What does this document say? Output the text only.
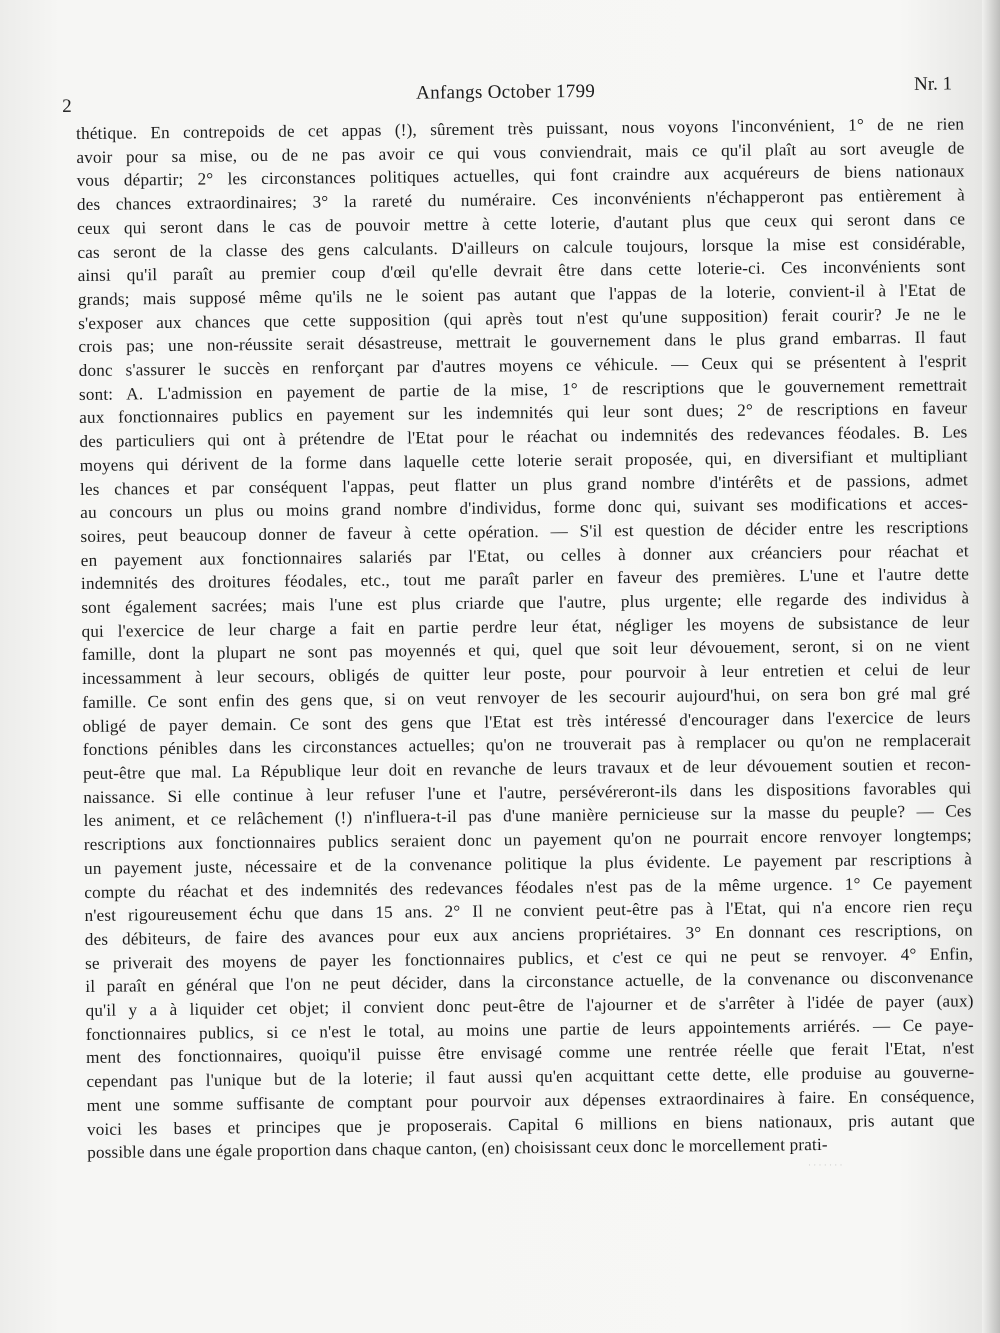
2
Anfangs October 1799	Nr. 1
thétique. En contrepoids de cet appas (!), sûrement très puissant, nous voyons l'inconvénient, 1° de ne rien
avoir pour sa mise, ou de ne pas avoir ce qui vous conviendrait, mais ce qu'il plaît au sort aveugle de
vous départir; 2° les circonstances politiques actuelles, qui font craindre aux acquéreurs de biens nationaux
des chances extraordinaires; 3° la rareté du numéraire. Ces inconvénients n'échapperont pas entièrement à
ceux qui seront dans le cas de pouvoir mettre à cette loterie, d'autant plus que ceux qui seront dans ce
cas seront de la classe des gens calculants. D'ailleurs on calcule toujours, lorsque la mise est considérable,
ainsi qu'il paraît au premier coup d'œil qu'elle devrait être dans cette loterie-ci. Ces inconvénients sont
grands; mais supposé même qu'ils ne le soient pas autant que l'appas de la loterie, convient-il à l'Etat de
s'exposer aux chances que cette supposition (qui après tout n'est qu'une supposition) ferait courir? Je ne le
crois pas; une non-réussite serait désastreuse, mettrait le gouvernement dans le plus grand embarras. Il faut
donc s'assurer le succès en renforçant par d'autres moyens ce véhicule. — Ceux qui se présentent à l'esprit
sont: A. L'admission en payement de partie de la mise, 1° de rescriptions que le gouvernement remettrait
aux fonctionnaires publics en payement sur les indemnités qui leur sont dues; 2° de rescriptions en faveur
des particuliers qui ont à prétendre de l'Etat pour le réachat ou indemnités des redevances féodales. B. Les
moyens qui dérivent de la forme dans laquelle cette loterie serait proposée, qui, en diversifiant et multipliant
les chances et par conséquent l'appas, peut flatter un plus grand nombre d'intérêts et de passions, admet
au concours un plus ou moins grand nombre d'individus, forme donc qui, suivant ses modifications et acces-
soires, peut beaucoup donner de faveur à cette opération. — S'il est question de décider entre les rescriptions
en payement aux fonctionnaires salariés par l'Etat, ou celles à donner aux créanciers pour réachat et
indemnités des droitures féodales, etc., tout me paraît parler en faveur des premières. L'une et l'autre dette
sont également sacrées; mais l'une est plus criarde que l'autre, plus urgente; elle regarde des individus à
qui l'exercice de leur charge a fait en partie perdre leur état, négliger les moyens de subsistance de leur
famille, dont la plupart ne sont pas moyennés et qui, quel que soit leur dévouement, seront, si on ne vient
incessamment à leur secours, obligés de quitter leur poste, pour pourvoir à leur entretien et celui de leur
famille. Ce sont enfin des gens que, si on veut renvoyer de les secourir aujourd'hui, on sera bon gré mal gré
obligé de payer demain. Ce sont des gens que l'Etat est très intéressé d'encourager dans l'exercice de leurs
fonctions pénibles dans les circonstances actuelles; qu'on ne trouverait pas à remplacer ou qu'on ne remplacerait
peut-être que mal. La République leur doit en revanche de leurs travaux et de leur dévouement soutien et recon-
naissance. Si elle continue à leur refuser l'une et l'autre, persévéreront-ils dans les dispositions favorables qui
les animent, et ce relâchement (!) n'influera-t-il pas d'une manière pernicieuse sur la masse du peuple? — Ces
rescriptions aux fonctionnaires publics seraient donc un payement qu'on ne pourrait encore renvoyer longtemps;
un payement juste, nécessaire et de la convenance politique la plus évidente. Le payement par rescriptions à
compte du réachat et des indemnités des redevances féodales n'est pas de la même urgence. 1° Ce payement
n'est rigoureusement échu que dans 15 ans. 2° Il ne convient peut-être pas à l'Etat, qui n'a encore rien reçu
des débiteurs, de faire des avances pour eux aux anciens propriétaires. 3° En donnant ces rescriptions, on
se priverait des moyens de payer les fonctionnaires publics, et c'est ce qui ne peut se renvoyer. 4° Enfin,
il paraît en général que l'on ne peut décider, dans la circonstance actuelle, de la convenance ou disconvenance
qu'il y a à liquider cet objet; il convient donc peut-être de l'ajourner et de s'arrêter à l'idée de payer (aux)
fonctionnaires publics, si ce n'est le total, au moins une partie de leurs appointements arriérés. — Ce paye-
ment des fonctionnaires, quoiqu'il puisse être envisagé comme une rentrée réelle que ferait l'Etat, n'est
cependant pas l'unique but de la loterie; il faut aussi qu'en acquittant cette dette, elle produise au gouverne-
ment une somme suffisante de comptant pour pourvoir aux dépenses extraordinaires à faire. En conséquence,
voici les bases et principes que je proposerais. Capital 6 millions en biens nationaux, pris autant que
possible dans une égale proportion dans chaque canton, (en) choisissant ceux donc le morcellement prati-
· · · · · · ·
